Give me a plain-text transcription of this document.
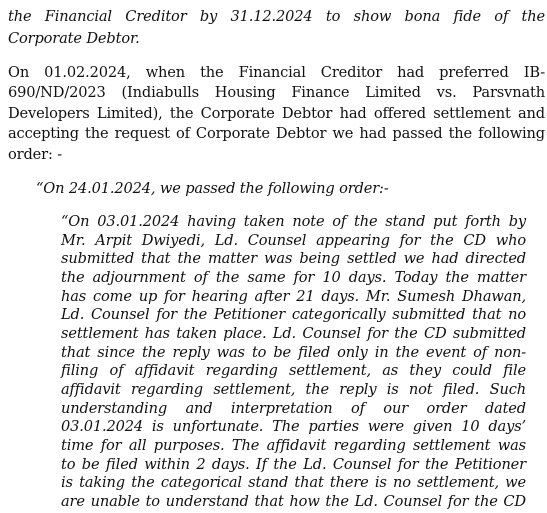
the Financial Creditor by 31.12.2024 to show bona fide of the
Corporate Debtor.
On 01.02.2024, when the Financial Creditor had preferred IB-
690/ND/2023 (Indiabulls Housing Finance Limited vs. Parsvnath
Developers Limited), the Corporate Debtor had offered settlement and
accepting the request of Corporate Debtor we had passed the following
order: -
“On 24.01.2024, we passed the following order:-
“On 03.01.2024 having taken note of the stand put forth by
Mr. Arpit Dwiyedi, Ld. Counsel appearing for the CD who
submitted that the matter was being settled we had directed
the adjournment of the same for 10 days. Today the matter
has come up for hearing after 21 days. Mr. Sumesh Dhawan,
Ld. Counsel for the Petitioner categorically submitted that no
settlement has taken place. Ld. Counsel for the CD submitted
that since the reply was to be filed only in the event of non-
filing of affidavit regarding settlement, as they could file
affidavit regarding settlement, the reply is not filed. Such
understanding and interpretation of our order dated
03.01.2024 is unfortunate. The parties were given 10 days’
time for all purposes. The affidavit regarding settlement was
to be filed within 2 days. If the Ld. Counsel for the Petitioner
is taking the categorical stand that there is no settlement, we
are unable to understand that how the Ld. Counsel for the CD
